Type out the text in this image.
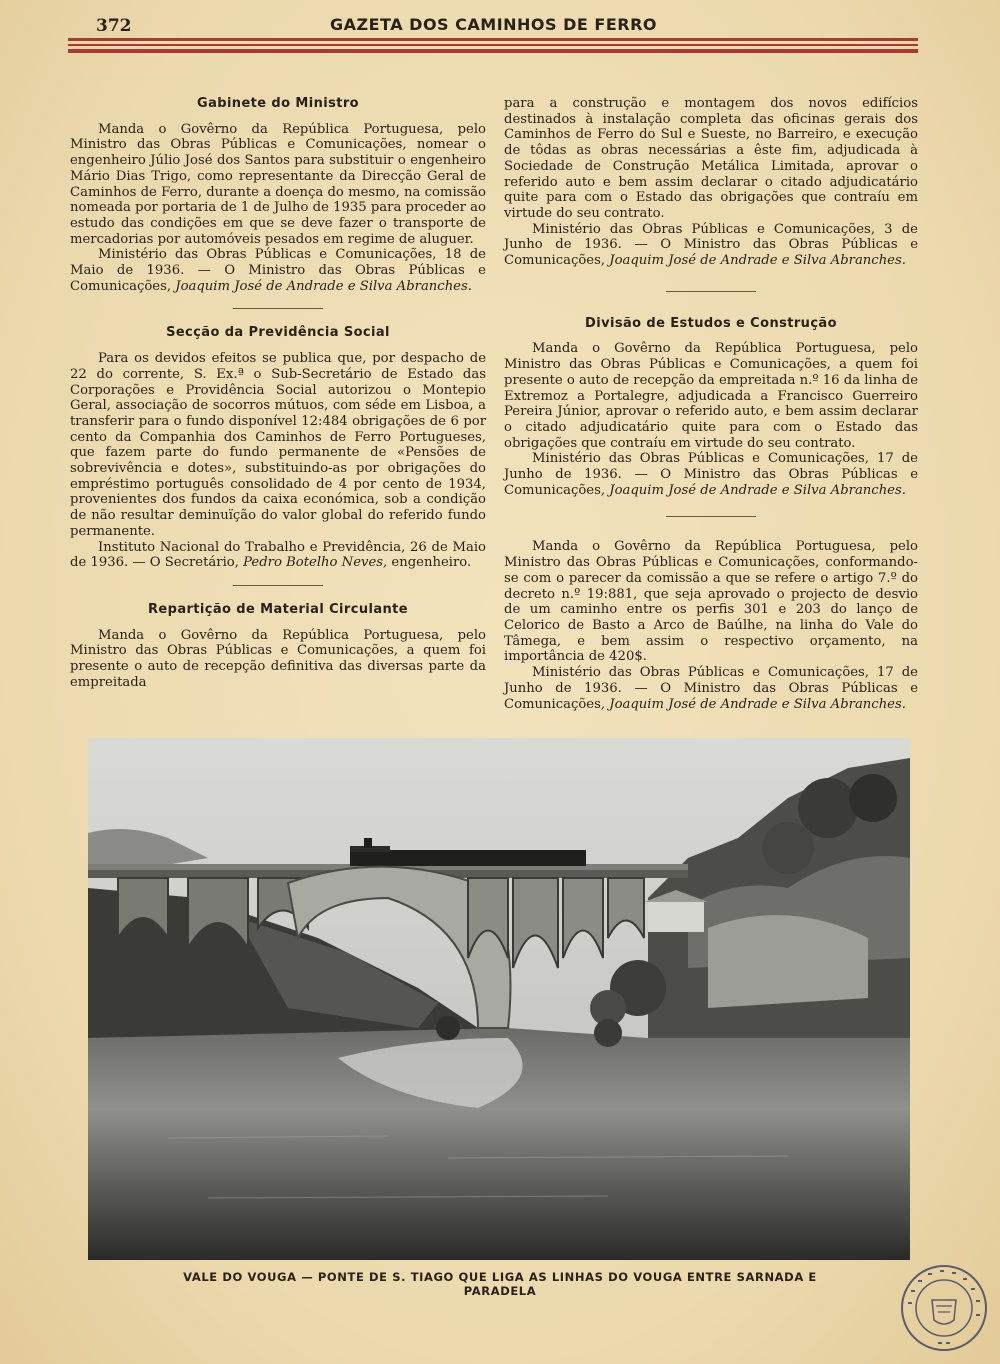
372	GAZETA DOS CAMINHOS DE FERRO
Gabinete do Ministro

Manda o Govêrno da República Portuguesa, pelo Ministro das Obras Públicas e Comunicações, nomear o engenheiro Júlio José dos Santos para substituir o engenheiro Mário Dias Trigo, como representante da Direcção Geral de Caminhos de Ferro, durante a doença do mesmo, na comissão nomeada por portaria de 1 de Julho de 1935 para proceder ao estudo das condições em que se deve fazer o transporte de mercadorias por automóveis pesados em regime de aluguer.

Ministério das Obras Públicas e Comunicações, 18 de Maio de 1936. — O Ministro das Obras Públicas e Comunicações, Joaquim José de Andrade e Silva Abranches.

Secção da Previdência Social

Para os devidos efeitos se publica que, por despacho de 22 do corrente, S. Ex.ª o Sub-Secretário de Estado das Corporações e Providência Social autorizou o Montepio Geral, associação de socorros mútuos, com séde em Lisboa, a transferir para o fundo disponível 12:484 obrigações de 6 por cento da Companhia dos Caminhos de Ferro Portugueses, que fazem parte do fundo permanente de «Pensões de sobrevivência e dotes», substituindo-as por obrigações do empréstimo português consolidado de 4 por cento de 1934, provenientes dos fundos da caixa económica, sob a condição de não resultar deminuïção do valor global do referido fundo permanente.

Instituto Nacional do Trabalho e Previdência, 26 de Maio de 1936. — O Secretário, Pedro Botelho Neves, engenheiro.

Repartição de Material Circulante

Manda o Govêrno da República Portuguesa, pelo Ministro das Obras Públicas e Comunicações, a quem foi presente o auto de recepção definitiva das diversas parte da empreitada

para a construção e montagem dos novos edifícios destinados à instalação completa das oficinas gerais dos Caminhos de Ferro do Sul e Sueste, no Barreiro, e execução de tôdas as obras necessárias a êste fim, adjudicada à Sociedade de Construção Metálica Limitada, aprovar o referido auto e bem assim declarar o citado adjudicatário quite para com o Estado das obrigações que contraíu em virtude do seu contrato.

Ministério das Obras Públicas e Comunicações, 3 de Junho de 1936. — O Ministro das Obras Públicas e Comunicações, Joaquim José de Andrade e Silva Abranches.

Divisão de Estudos e Construção

Manda o Govêrno da República Portuguesa, pelo Ministro das Obras Públicas e Comunicações, a quem foi presente o auto de recepção da empreitada n.º 16 da linha de Extremoz a Portalegre, adjudicada a Francisco Guerreiro Pereira Júnior, aprovar o referido auto, e bem assim declarar o citado adjudicatário quite para com o Estado das obrigações que contraíu em virtude do seu contrato.

Ministério das Obras Públicas e Comunicações, 17 de Junho de 1936. — O Ministro das Obras Públicas e Comunicações, Joaquim José de Andrade e Silva Abranches.

Manda o Govêrno da República Portuguesa, pelo Ministro das Obras Públicas e Comunicações, conformando-se com o parecer da comissão a que se refere o artigo 7.º do decreto n.º 19:881, que seja aprovado o projecto de desvio de um caminho entre os perfis 301 e 203 do lanço de Celorico de Basto a Arco de Baúlhe, na linha do Vale do Tâmega, e bem assim o respectivo orçamento, na importância de 420$.

Ministério das Obras Públicas e Comunicações, 17 de Junho de 1936. — O Ministro das Obras Públicas e Comunicações, Joaquim José de Andrade e Silva Abranches.

VALE DO VOUGA — PONTE DE S. TIAGO QUE LIGA AS LINHAS DO VOUGA ENTRE SARNADA E PARADELA
